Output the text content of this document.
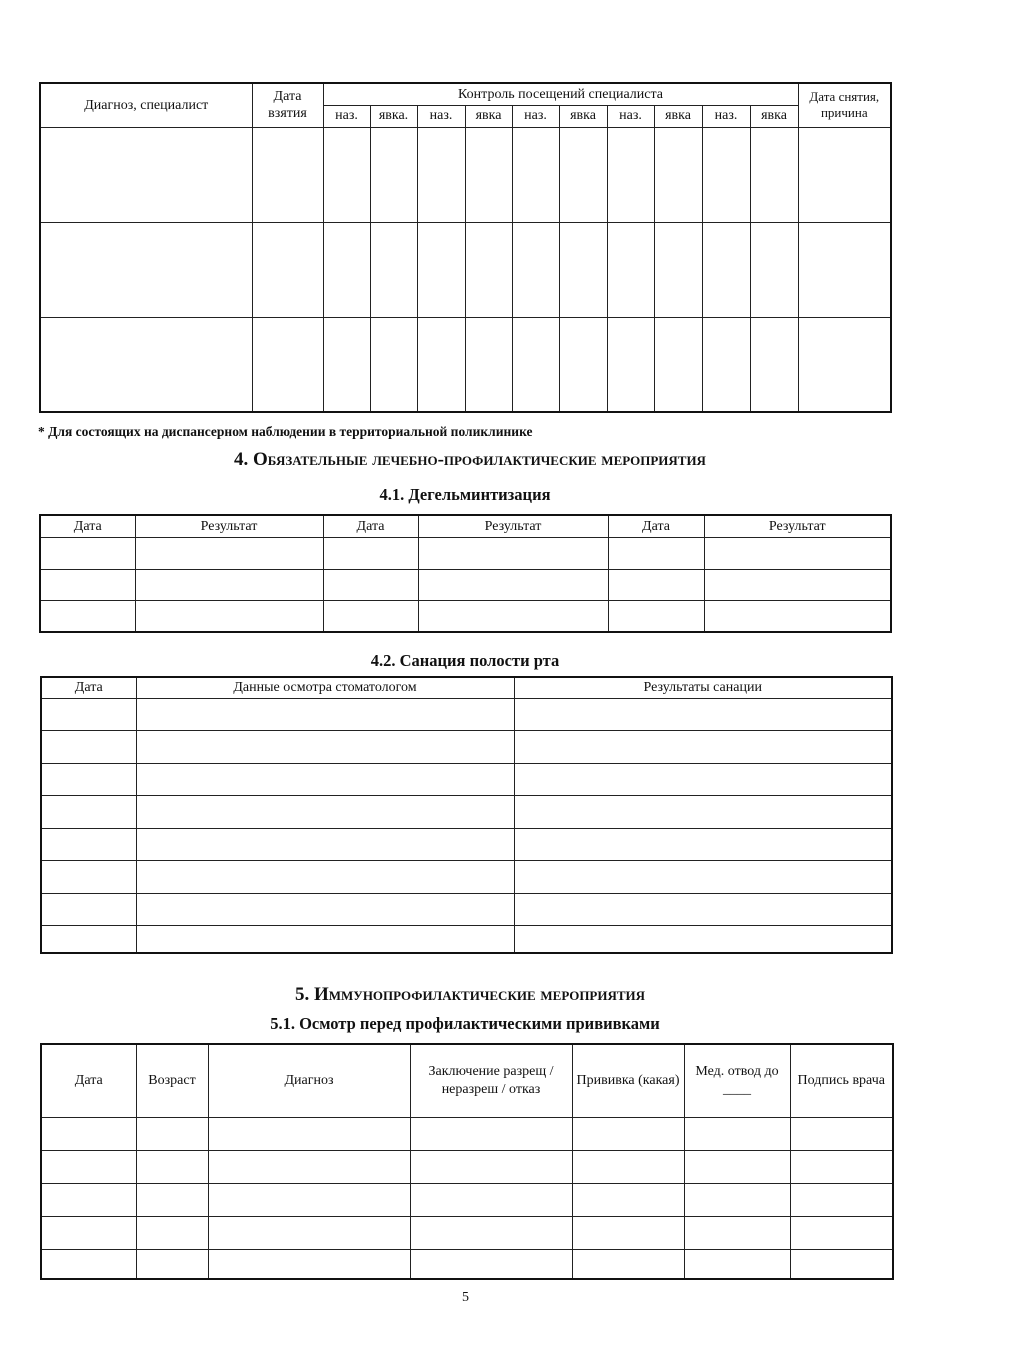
Диагноз, специалист	Дата взятия	Контроль посещений специалиста										Дата снятия, причина
		наз.	явка.	наз.	явка	наз.	явка	наз.	явка	наз.	явка	

* Для состоящих на диспансерном наблюдении в территориальной поликлинике
4. Обязательные лечебно-профилактические мероприятия
4.1. Дегельминтизация
Дата	Результат	Дата	Результат	Дата	Результат

4.2. Санация полости рта
Дата	Данные осмотра стоматологом	Результаты санации

5. Иммунопрофилактические мероприятия
5.1. Осмотр перед профилактическими прививками
Дата	Возраст	Диагноз	Заключение разрещ / неразреш / отказ	Прививка (какая)	Мед. отвод до ____	Подпись врача

5
